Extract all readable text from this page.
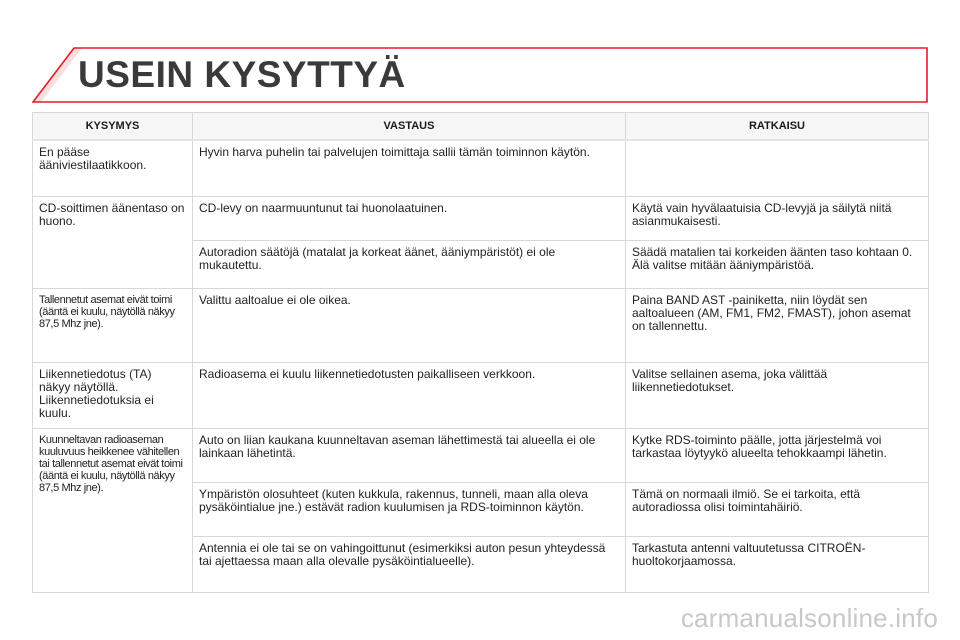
USEIN KYSYTTYÄ
KYSYMYS	VASTAUS	RATKAISU
En pääse ääniviestilaatikkoon.	Hyvin harva puhelin tai palvelujen toimittaja sallii tämän toiminnon käytön.	
CD-soittimen äänentaso on huono.	CD-levy on naarmuuntunut tai huonolaatuinen.	Käytä vain hyvälaatuisia CD-levyjä ja säilytä niitä asianmukaisesti.
	Autoradion säätöjä (matalat ja korkeat äänet, ääniympäristöt) ei ole mukautettu.	Säädä matalien tai korkeiden äänten taso kohtaan 0. Älä valitse mitään ääniympäristöä.
Tallennetut asemat eivät toimi (ääntä ei kuulu, näytöllä näkyy 87,5 Mhz jne).	Valittu aaltoalue ei ole oikea.	Paina BAND AST -painiketta, niin löydät sen aaltoalueen (AM, FM1, FM2, FMAST), johon asemat on tallennettu.
Liikennetiedotus (TA) näkyy näytöllä. Liikennetiedotuksia ei kuulu.	Radioasema ei kuulu liikennetiedotusten paikalliseen verkkoon.	Valitse sellainen asema, joka välittää liikennetiedotukset.
Kuunneltavan radioaseman kuuluvuus heikkenee vähitellen tai tallennetut asemat eivät toimi (ääntä ei kuulu, näytöllä näkyy 87,5 Mhz jne).	Auto on liian kaukana kuunneltavan aseman lähettimestä tai alueella ei ole lainkaan lähetintä.	Kytke RDS-toiminto päälle, jotta järjestelmä voi tarkastaa löytyykö alueelta tehokkaampi lähetin.
	Ympäristön olosuhteet (kuten kukkula, rakennus, tunneli, maan alla oleva pysäköintialue jne.) estävät radion kuulumisen ja RDS-toiminnon käytön.	Tämä on normaali ilmiö. Se ei tarkoita, että autoradiossa olisi toimintahäiriö.
	Antennia ei ole tai se on vahingoittunut (esimerkiksi auton pesun yhteydessä tai ajettaessa maan alla olevalle pysäköintialueelle).	Tarkastuta antenni valtuutetussa CITROËN-huoltokorjaamossa.
carmanualsonline.info
